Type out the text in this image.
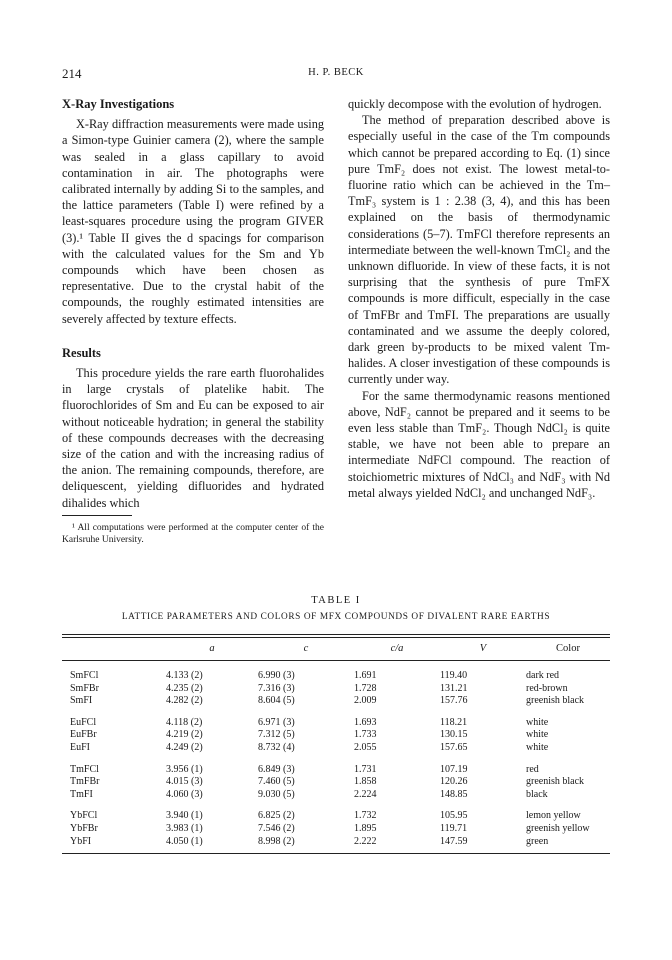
214	H. P. BECK
X-Ray Investigations

X-Ray diffraction measurements were made using a Simon-type Guinier camera (2), where the sample was sealed in a glass capillary to avoid contamination in air. The photographs were calibrated internally by adding Si to the samples, and the lattice parameters (Table I) were refined by a least-squares procedure using the program GIVER (3).¹ Table II gives the d spacings for comparison with the calculated values for the Sm and Yb compounds which have been chosen as representative. Due to the crystal habit of the compounds, the roughly estimated intensities are severely affected by texture effects.

Results

This procedure yields the rare earth fluorohalides in large crystals of platelike habit. The fluorochlorides of Sm and Eu can be exposed to air without noticeable hydration; in general the stability of these compounds decreases with the decreasing size of the cation and with the increasing radius of the anion. The remaining compounds, therefore, are deliquescent, yielding difluorides and hydrated dihalides which

¹ All computations were performed at the computer center of the Karlsruhe University.

quickly decompose with the evolution of hydrogen.

The method of preparation described above is especially useful in the case of the Tm compounds which cannot be prepared according to Eq. (1) since pure TmF₂ does not exist. The lowest metal-to-fluorine ratio which can be achieved in the Tm–TmF₃ system is 1 : 2.38 (3, 4), and this has been explained on the basis of thermodynamic considerations (5–7). TmFCl therefore represents an intermediate between the well-known TmCl₂ and the unknown difluoride. In view of these facts, it is not surprising that the synthesis of pure TmFX compounds is more difficult, especially in the case of TmFBr and TmFI. The preparations are usually contaminated and we assume the deeply colored, dark green by-products to be mixed valent Tm-halides. A closer investigation of these compounds is currently under way.

For the same thermodynamic reasons mentioned above, NdF₂ cannot be prepared and it seems to be even less stable than TmF₂. Though NdCl₂ is quite stable, we have not been able to prepare an intermediate NdFCl compound. The reaction of stoichiometric mixtures of NdCl₃ and NdF₃ with Nd metal always yielded NdCl₂ and unchanged NdF₃.

TABLE I
LATTICE PARAMETERS AND COLORS OF MFX COMPOUNDS OF DIVALENT RARE EARTHS
	a	c	c/a	V	Color

SmFCl	4.133 (2)	6.990 (3)	1.691	119.40	dark red
SmFBr	4.235 (2)	7.316 (3)	1.728	131.21	red-brown
SmFI	4.282 (2)	8.604 (5)	2.009	157.76	greenish black

EuFCl	4.118 (2)	6.971 (3)	1.693	118.21	white
EuFBr	4.219 (2)	7.312 (5)	1.733	130.15	white
EuFI	4.249 (2)	8.732 (4)	2.055	157.65	white

TmFCl	3.956 (1)	6.849 (3)	1.731	107.19	red
TmFBr	4.015 (3)	7.460 (5)	1.858	120.26	greenish black
TmFI	4.060 (3)	9.030 (5)	2.224	148.85	black

YbFCl	3.940 (1)	6.825 (2)	1.732	105.95	lemon yellow
YbFBr	3.983 (1)	7.546 (2)	1.895	119.71	greenish yellow
YbFI	4.050 (1)	8.998 (2)	2.222	147.59	green
